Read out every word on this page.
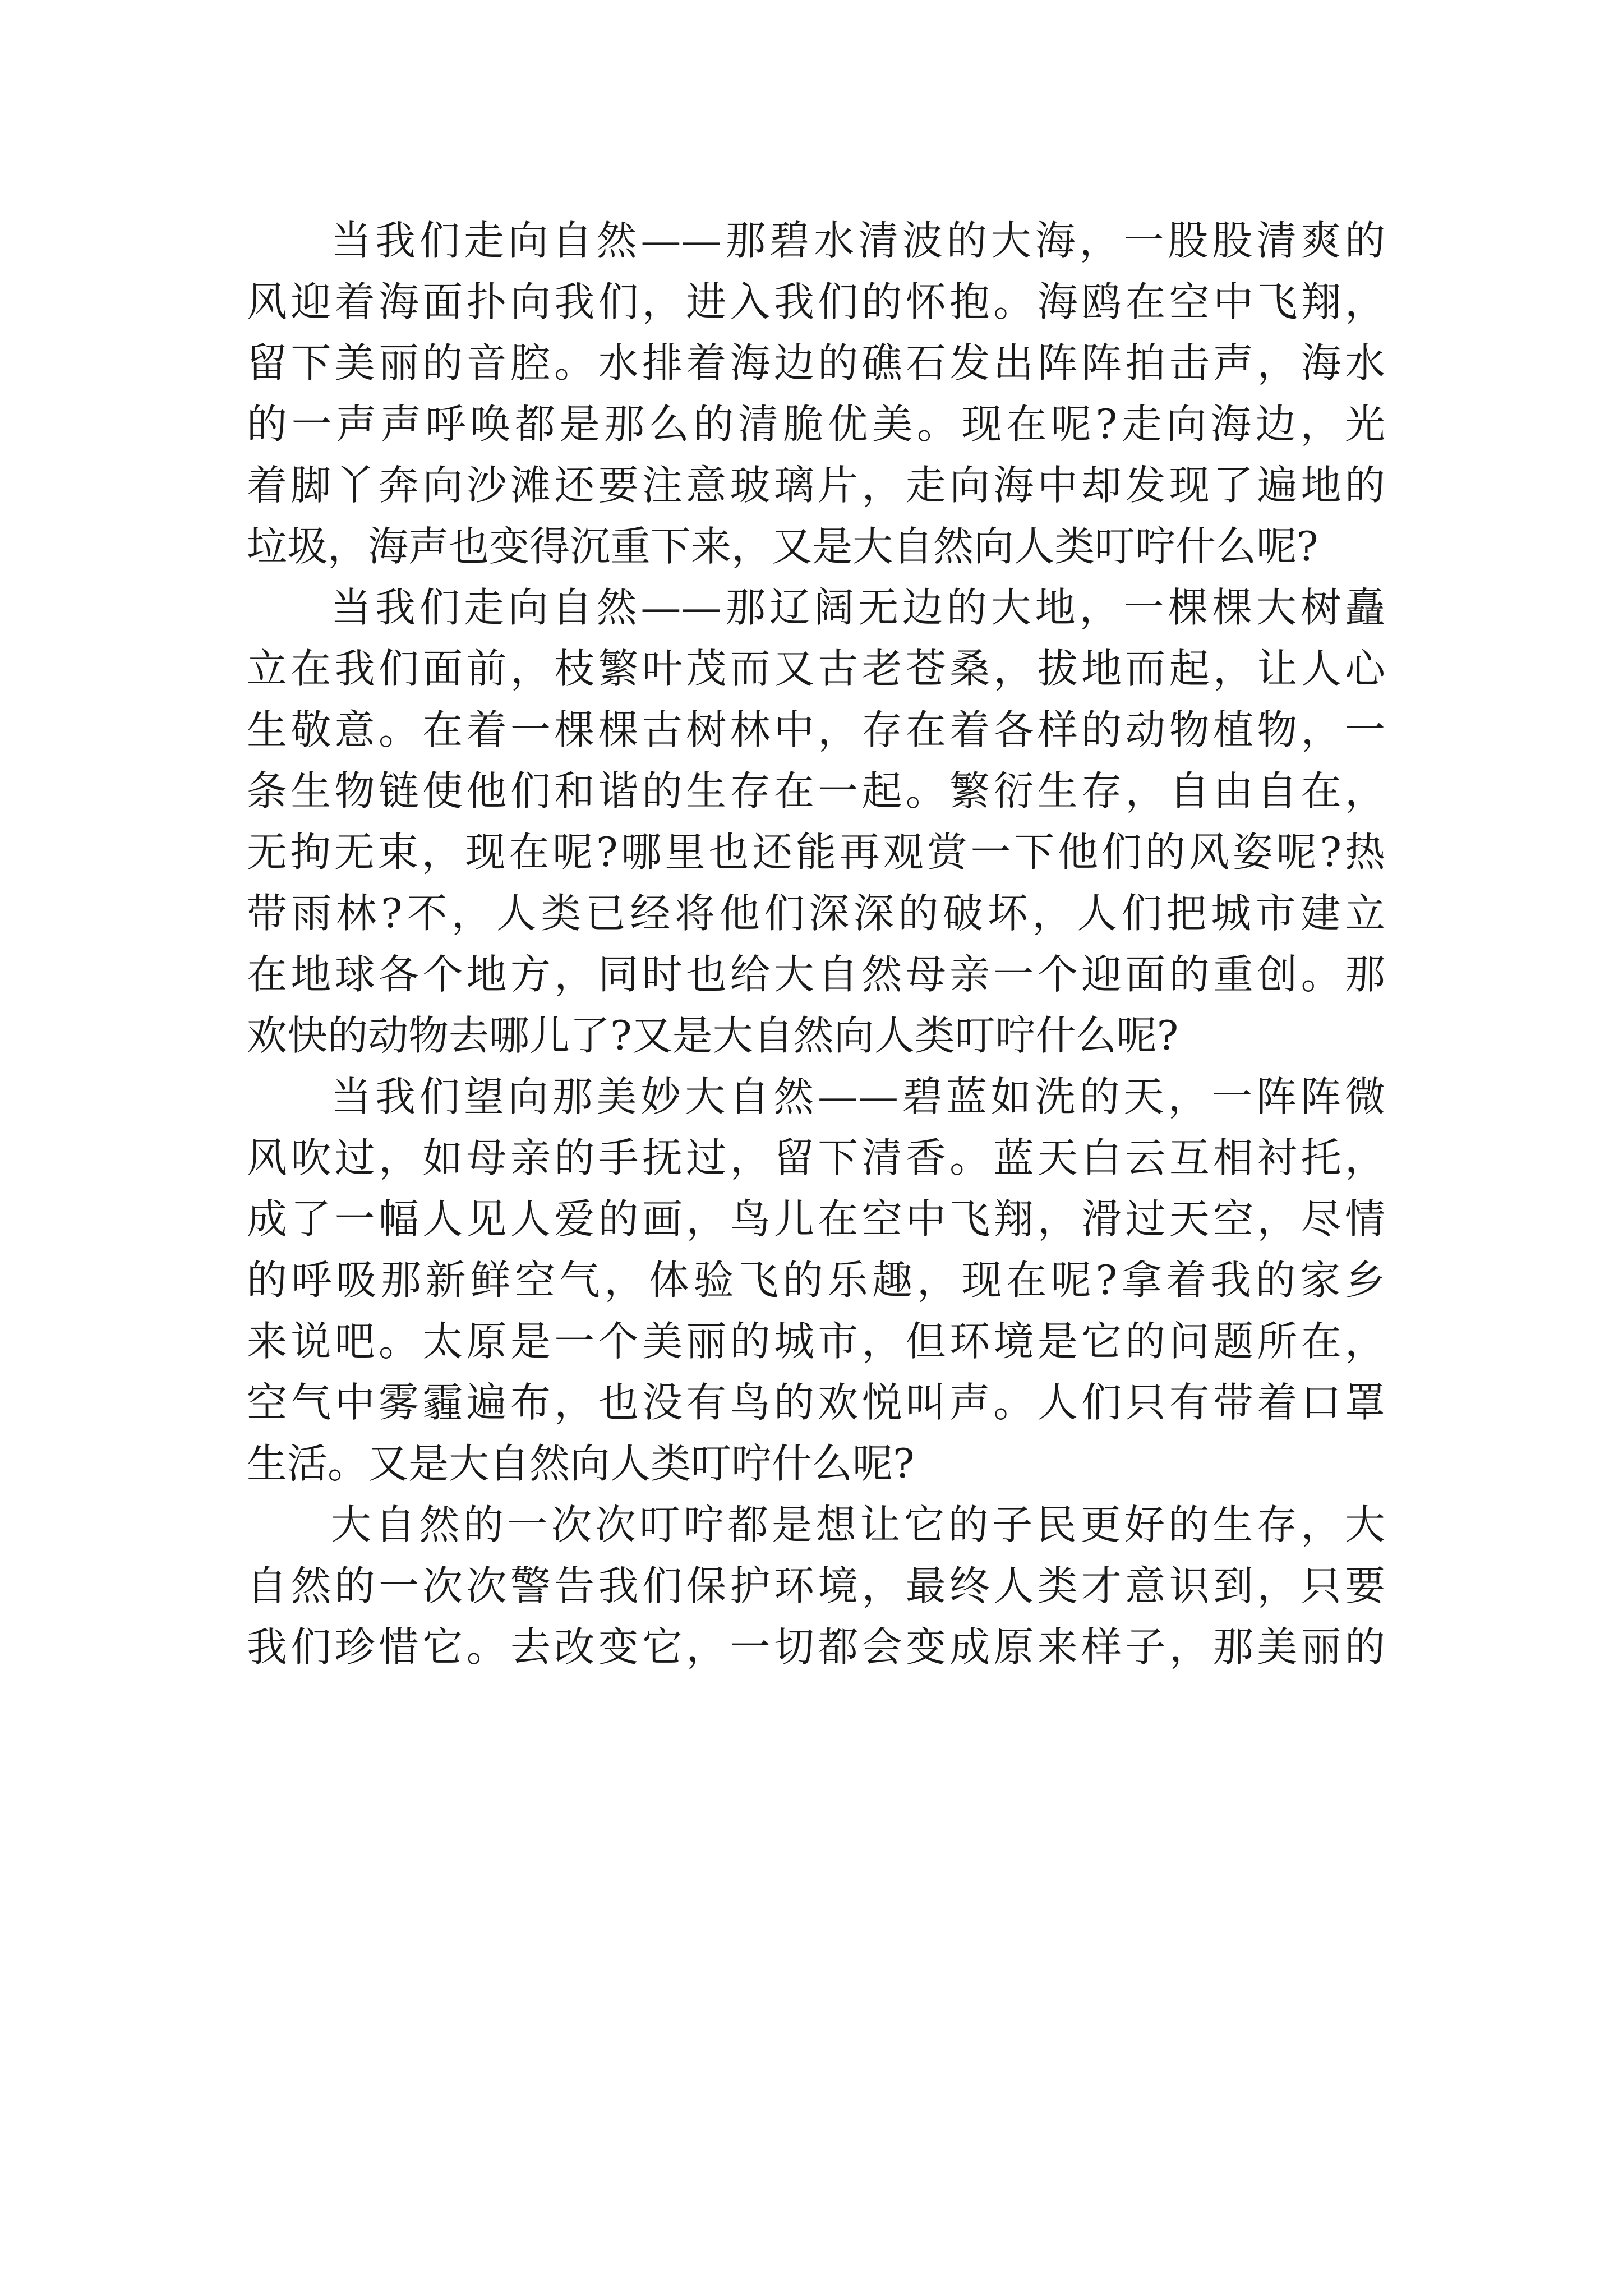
当我们走向自然——那碧水清波的大海，一股股清爽的
风迎着海面扑向我们，进入我们的怀抱。海鸥在空中飞翔，
留下美丽的音腔。水排着海边的礁石发出阵阵拍击声，海水
的一声声呼唤都是那么的清脆优美。现在呢?走向海边，光
着脚丫奔向沙滩还要注意玻璃片，走向海中却发现了遍地的
垃圾，海声也变得沉重下来，又是大自然向人类叮咛什么呢?
当我们走向自然——那辽阔无边的大地，一棵棵大树矗
立在我们面前，枝繁叶茂而又古老苍桑，拔地而起，让人心
生敬意。在着一棵棵古树林中，存在着各样的动物植物，一
条生物链使他们和谐的生存在一起。繁衍生存，自由自在，
无拘无束，现在呢?哪里也还能再观赏一下他们的风姿呢?热
带雨林?不，人类已经将他们深深的破坏，人们把城市建立
在地球各个地方，同时也给大自然母亲一个迎面的重创。那
欢快的动物去哪儿了?又是大自然向人类叮咛什么呢?
当我们望向那美妙大自然——碧蓝如洗的天，一阵阵微
风吹过，如母亲的手抚过，留下清香。蓝天白云互相衬托，
成了一幅人见人爱的画，鸟儿在空中飞翔，滑过天空，尽情
的呼吸那新鲜空气，体验飞的乐趣，现在呢?拿着我的家乡
来说吧。太原是一个美丽的城市，但环境是它的问题所在，
空气中雾霾遍布，也没有鸟的欢悦叫声。人们只有带着口罩
生活。又是大自然向人类叮咛什么呢?
大自然的一次次叮咛都是想让它的子民更好的生存，大
自然的一次次警告我们保护环境，最终人类才意识到，只要
我们珍惜它。去改变它，一切都会变成原来样子，那美丽的
